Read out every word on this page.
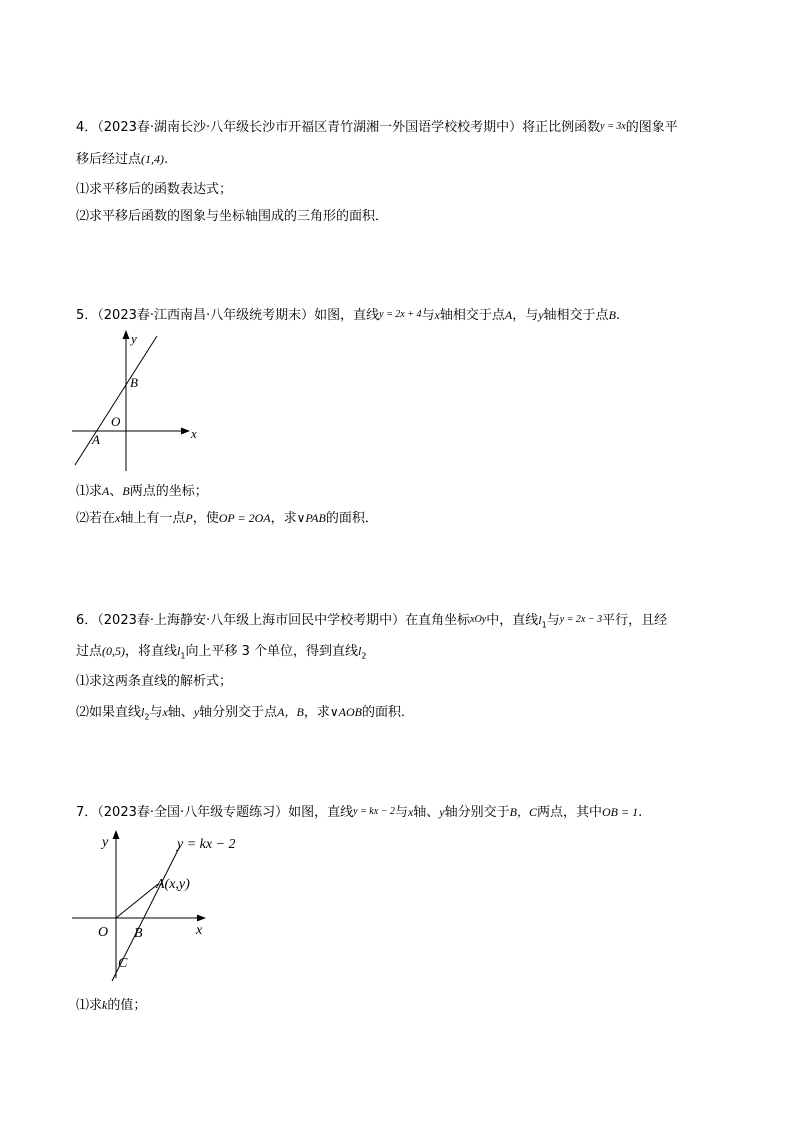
4．（2023春·湖南长沙·八年级长沙市开福区青竹湖湘一外国语学校校考期中）将正比例函数y = 3x的图象平
移后经过点(1,4).
⑴求平移后的函数表达式；
⑵求平移后函数的图象与坐标轴围成的三角形的面积．
5．（2023春·江西南昌·八年级统考期末）如图，直线y = 2x + 4与x轴相交于点A，与y轴相交于点B.
y
B
O
A	x
⑴求A、B两点的坐标；
⑵若在x轴上有一点P，使OP = 2OA，求∨PAB的面积．
6．（2023春·上海静安·八年级上海市回民中学校考期中）在直角坐标xOy中，直线$l_1$与y = 2x − 3平行，且经
过点(0,5)，将直线$l_1$向上平移 3 个单位，得到直线$l_2$
⑴求这两条直线的解析式；
⑵如果直线$l_2$与x轴、y轴分别交于点A，B，求∨AOB的面积．
7．（2023春·全国·八年级专题练习）如图，直线y = kx − 2与x轴、y轴分别交于B，C两点，其中OB = 1.
y = kx − 2
y
A(x,y)
O B	x
C
⑴求k的值；
